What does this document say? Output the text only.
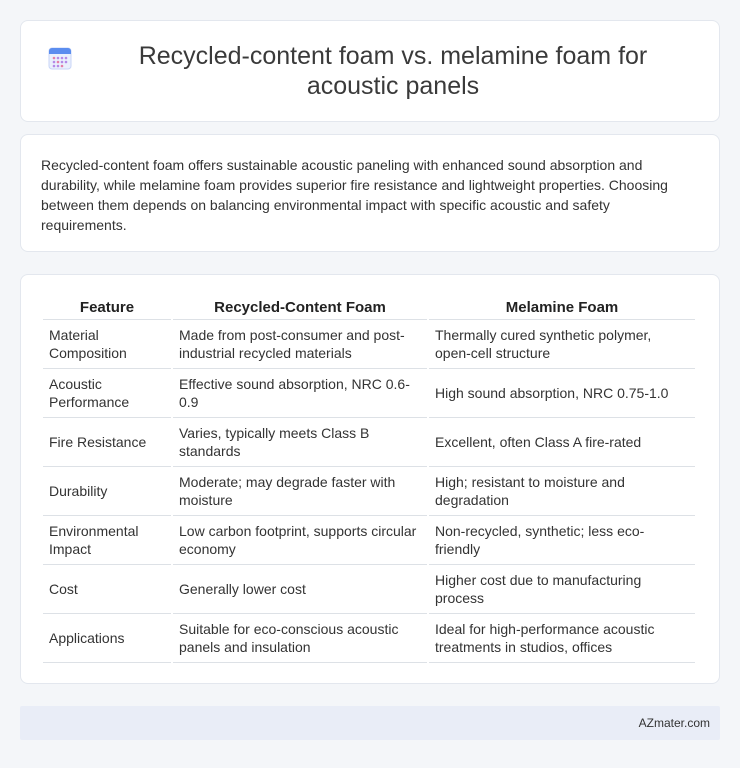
Recycled-content foam vs. melamine foam for acoustic panels

Recycled-content foam offers sustainable acoustic paneling with enhanced sound absorption and durability, while melamine foam provides superior fire resistance and lightweight properties. Choosing between them depends on balancing environmental impact with specific acoustic and safety requirements.

Feature	Recycled-Content Foam	Melamine Foam
Material Composition	Made from post-consumer and post-industrial recycled materials	Thermally cured synthetic polymer, open-cell structure
Acoustic Performance	Effective sound absorption, NRC 0.6-0.9	High sound absorption, NRC 0.75-1.0
Fire Resistance	Varies, typically meets Class B standards	Excellent, often Class A fire-rated
Durability	Moderate; may degrade faster with moisture	High; resistant to moisture and degradation
Environmental Impact	Low carbon footprint, supports circular economy	Non-recycled, synthetic; less eco-friendly
Cost	Generally lower cost	Higher cost due to manufacturing process
Applications	Suitable for eco-conscious acoustic panels and insulation	Ideal for high-performance acoustic treatments in studios, offices
AZmater.com
